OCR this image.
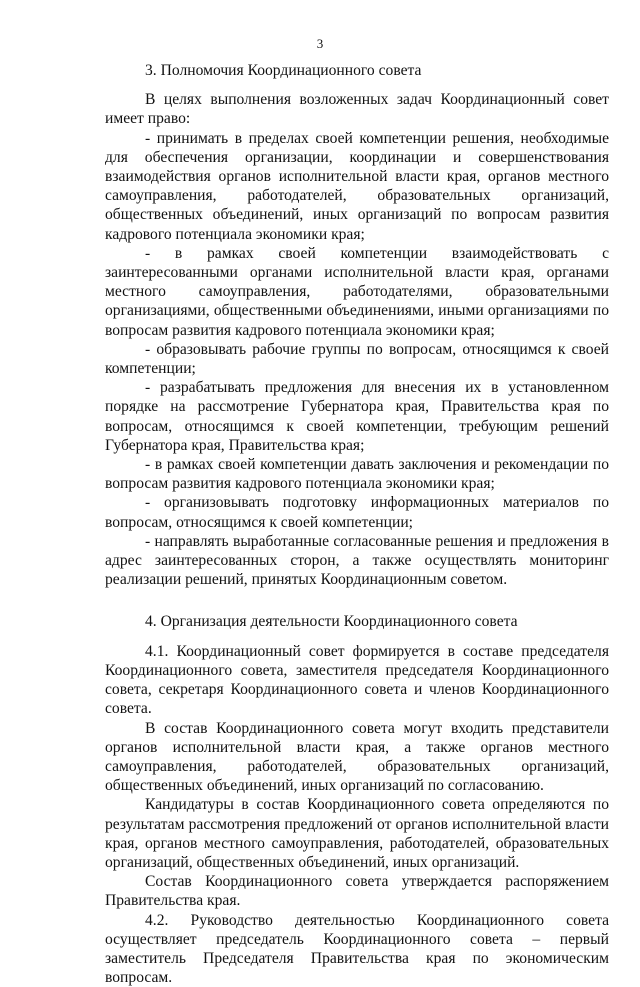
3

3. Полномочия Координационного совета

В целях выполнения возложенных задач Координационный совет имеет право:

- принимать в пределах своей компетенции решения, необходимые для обеспечения организации, координации и совершенствования взаимодействия органов исполнительной власти края, органов местного самоуправления, работодателей, образовательных организаций, общественных объединений, иных организаций по вопросам развития кадрового потенциала экономики края;

- в рамках своей компетенции взаимодействовать с заинтересованными органами исполнительной власти края, органами местного самоуправления, работодателями, образовательными организациями, общественными объединениями, иными организациями по вопросам развития кадрового потенциала экономики края;

- образовывать рабочие группы по вопросам, относящимся к своей компетенции;

- разрабатывать предложения для внесения их в установленном порядке на рассмотрение Губернатора края, Правительства края по вопросам, относящимся к своей компетенции, требующим решений Губернатора края, Правительства края;

- в рамках своей компетенции давать заключения и рекомендации по вопросам развития кадрового потенциала экономики края;

- организовывать подготовку информационных материалов по вопросам, относящимся к своей компетенции;

- направлять выработанные согласованные решения и предложения в адрес заинтересованных сторон, а также осуществлять мониторинг реализации решений, принятых Координационным советом.

4. Организация деятельности Координационного совета

4.1. Координационный совет формируется в составе председателя Координационного совета, заместителя председателя Координационного совета, секретаря Координационного совета и членов Координационного совета.

В состав Координационного совета могут входить представители органов исполнительной власти края, а также органов местного самоуправления, работодателей, образовательных организаций, общественных объединений, иных организаций по согласованию.

Кандидатуры в состав Координационного совета определяются по результатам рассмотрения предложений от органов исполнительной власти края, органов местного самоуправления, работодателей, образовательных организаций, общественных объединений, иных организаций.

Состав Координационного совета утверждается распоряжением Правительства края.

4.2. Руководство деятельностью Координационного совета осуществляет председатель Координационного совета – первый заместитель Председателя Правительства края по экономическим вопросам.
